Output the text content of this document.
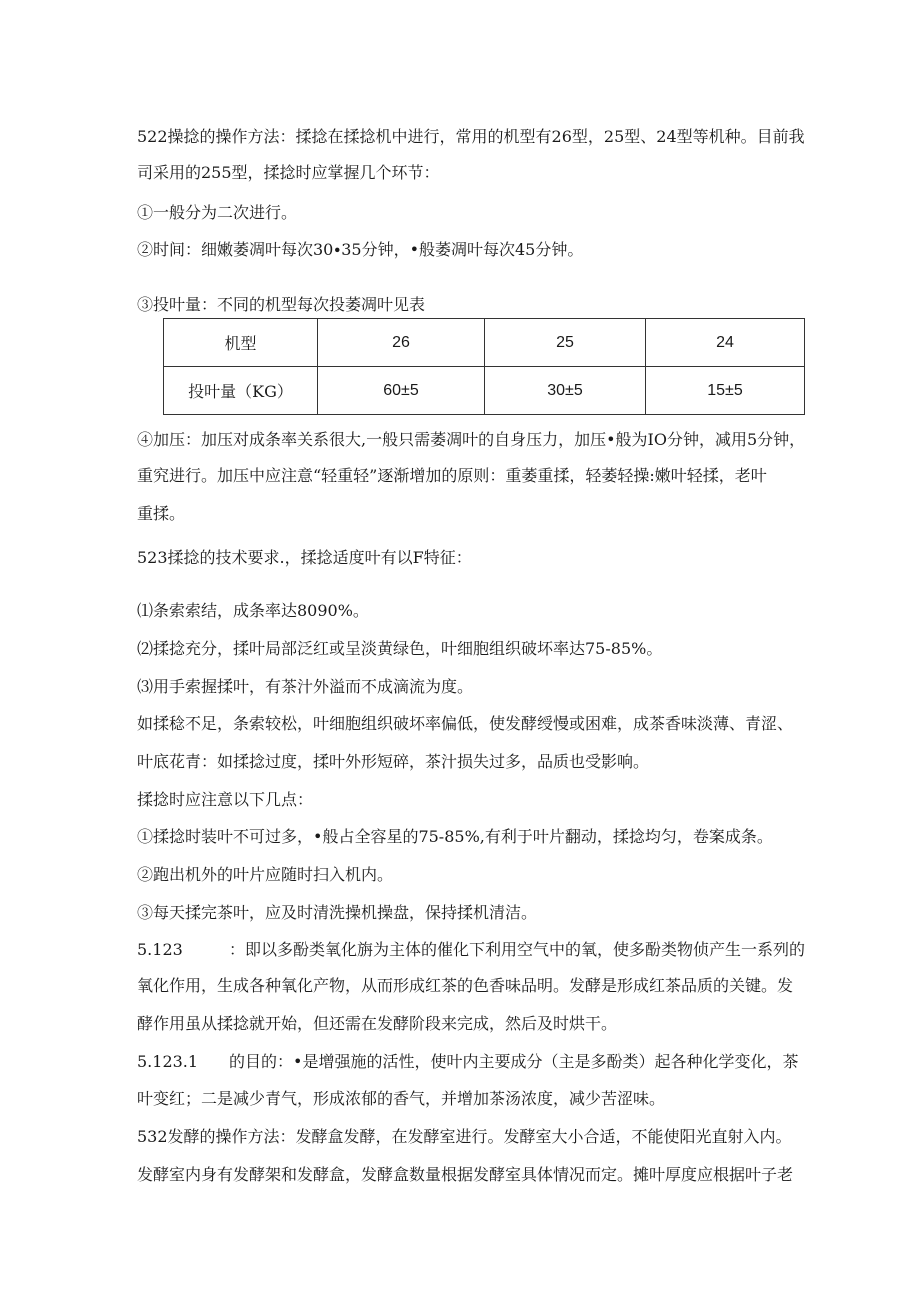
522操捻的操作方法：揉捻在揉捻机中进行，常用的机型有26型，25型、24型等机种。目前我
司采用的255型，揉捻时应掌握几个环节：
①一般分为二次进行。
②时间：细嫩萎凋叶每次30∙35分钟，•般萎凋叶每次45分钟。
③投叶量：不同的机型每次投萎凋叶见表
机型	26	25	24
投叶量（KG）	60±5	30±5	15±5
④加压：加压对成条率关系很大,一般只需萎凋叶的自身压力，加压•般为IO分钟，减用5分钟，
重究进行。加压中应注意“轻重轻”逐渐增加的原则：重萎重揉，轻萎轻操:嫩叶轻揉，老叶
重揉。
523揉捻的技术要求.，揉捻适度叶有以F特征：
⑴条索索结，成条率达8090%。
⑵揉捻充分，揉叶局部泛红或呈淡黄绿色，叶细胞组织破坏率达75-85%。
⑶用手索握揉叶，有茶汁外溢而不成滴流为度。
如揉稔不足，条索较松，叶细胞组织破坏率偏低，使发酵绶慢或困难，成茶香味淡薄、青涩、
叶底花青：如揉捻过度，揉叶外形短碎，茶汁损失过多，品质也受影响。
揉捻时应注意以下几点：
①揉捻时装叶不可过多，•般占全容星的75-85%,有利于叶片翻动，揉捻均匀，卷案成条。
②跑出机外的叶片应随时扫入机内。
③每天揉完茶叶，应及时清洗操机操盘，保持揉机清洁。
5.123	：即以多酚类氧化旃为主体的催化下利用空气中的氧，使多酚类物侦产生一系列的
氧化作用，生成各种氧化产物，从而形成红茶的色香味品明。发酵是形成红茶品质的关键。发
酵作用虽从揉捻就开始，但还需在发酵阶段来完成，然后及时烘干。
5.123.1 的目的：•是增强施的活性，使叶内主要成分（主是多酚类）起各种化学变化，茶
叶变红；二是减少青气，形成浓郁的香气，并增加茶汤浓度，减少苦涩味。
532发酵的操作方法：发酵盒发酵，在发酵室进行。发酵室大小合适，不能使阳光直射入内。
发酵室内身有发酵架和发酵盒，发酵盒数量根据发酵室具体情况而定。摊叶厚度应根据叶子老
